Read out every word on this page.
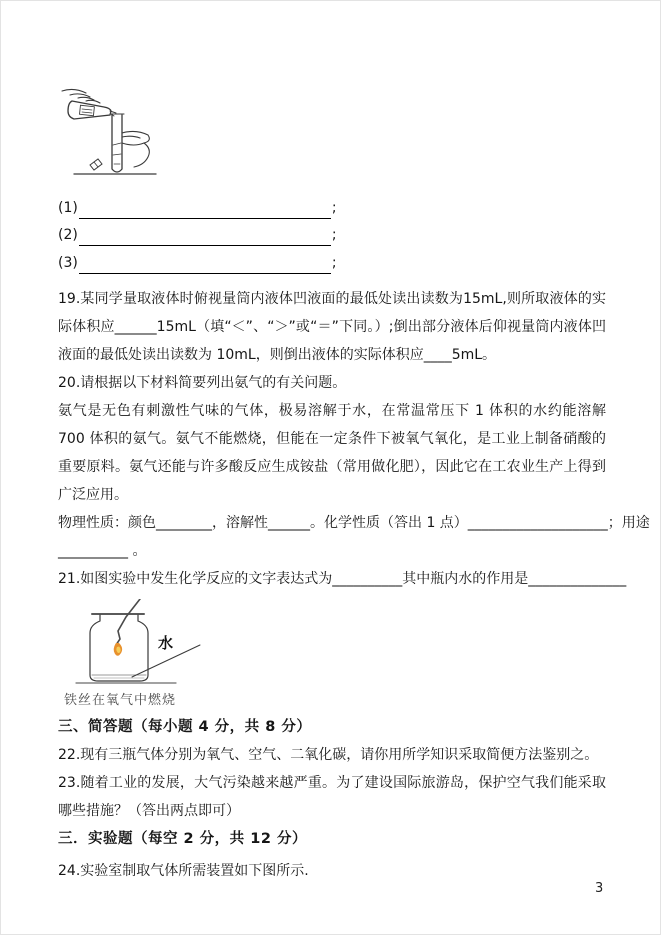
(1)	;
(2)	;
(3)	;

19.某同学量取液体时俯视量筒内液体凹液面的最低处读出读数为15mL,则所取液体的实际体积应______15mL（填“＜”、“＞”或“＝”下同。）;倒出部分液体后仰视量筒内液体凹液面的最低处读出读数为 10mL，则倒出液体的实际体积应____5mL。

20.请根据以下材料简要列出氨气的有关问题。

氨气是无色有刺激性气味的气体，极易溶解于水，在常温常压下 1 体积的水约能溶解 700 体积的氨气。氨气不能燃烧，但能在一定条件下被氧气氧化，是工业上制备硝酸的重要原料。氨气还能与许多酸反应生成铵盐（常用做化肥），因此它在工农业生产上得到广泛应用。

物理性质：颜色________，溶解性______。化学性质（答出 1 点）____________________；用途

__________ 。

21.如图实验中发生化学反应的文字表达式为__________其中瓶内水的作用是______________

水
铁丝在氧气中燃烧

三、简答题（每小题 4 分，共 8 分）

22.现有三瓶气体分别为氧气、空气、二氧化碳，请你用所学知识采取简便方法鉴别之。

23.随着工业的发展，大气污染越来越严重。为了建设国际旅游岛，保护空气我们能采取哪些措施？（答出两点即可）

三．实验题（每空 2 分，共 12 分）

24.实验室制取气体所需装置如下图所示.

3
